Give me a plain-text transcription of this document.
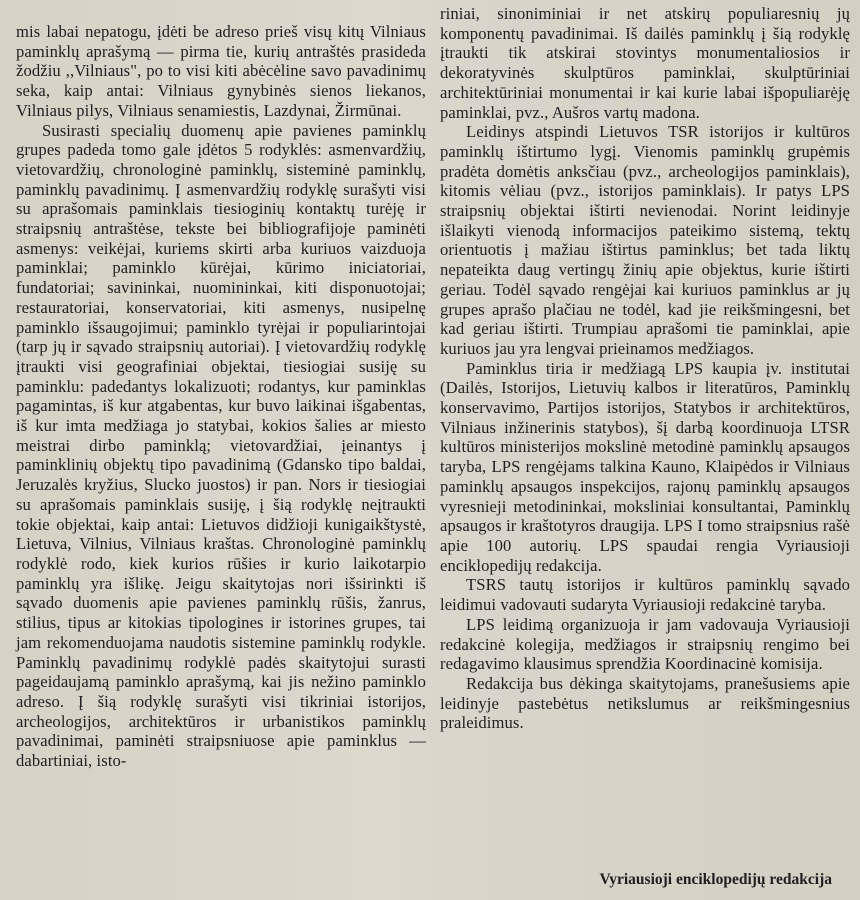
mis labai nepatogu, įdėti be adreso prieš visų kitų Vilniaus paminklų aprašymą — pirma tie, kurių antraštės prasideda žodžiu ,,Vilniaus", po to visi kiti abėcėline savo pavadinimų seka, kaip antai: Vilniaus gynybinės sienos liekanos, Vilniaus pilys, Vilniaus senamiestis, Lazdynai, Žirmūnai.

Susirasti specialių duomenų apie pavienes paminklų grupes padeda tomo gale įdėtos 5 rodyklės: asmenvardžių, vietovardžių, chronologinė paminklų, sisteminė paminklų, paminklų pavadinimų. Į asmenvardžių rodyklę surašyti visi su aprašomais paminklais tiesioginių kontaktų turėję ir straipsnių antraštėse, tekste bei bibliografijoje paminėti asmenys: veikėjai, kuriems skirti arba kuriuos vaizduoja paminklai; paminklo kūrėjai, kūrimo iniciatoriai, fundatoriai; savininkai, nuomininkai, kiti disponuotojai; restauratoriai, konservatoriai, kiti asmenys, nusipelnę paminklo išsaugojimui; paminklo tyrėjai ir populiarintojai (tarp jų ir sąvado straipsnių autoriai). Į vietovardžių rodyklę įtraukti visi geografiniai objektai, tiesiogiai susiję su paminklu: padedantys lokalizuoti; rodantys, kur paminklas pagamintas, iš kur atgabentas, kur buvo laikinai išgabentas, iš kur imta medžiaga jo statybai, kokios šalies ar miesto meistrai dirbo paminklą; vietovardžiai, įeinantys į paminklinių objektų tipo pavadinimą (Gdansko tipo baldai, Jeruzalės kryžius, Slucko juostos) ir pan. Nors ir tiesiogiai su aprašomais paminklais susiję, į šią rodyklę neįtraukti tokie objektai, kaip antai: Lietuvos didžioji kunigaikštystė, Lietuva, Vilnius, Vilniaus kraštas. Chronologinė paminklų rodyklė rodo, kiek kurios rūšies ir kurio laikotarpio paminklų yra išlikę. Jeigu skaitytojas nori išsirinkti iš sąvado duomenis apie pavienes paminklų rūšis, žanrus, stilius, tipus ar kitokias tipologines ir istorines grupes, tai jam rekomenduojama naudotis sistemine paminklų rodykle. Paminklų pavadinimų rodyklė padės skaitytojui surasti pageidaujamą paminklo aprašymą, kai jis nežino paminklo adreso. Į šią rodyklę surašyti visi tikriniai istorijos, archeologijos, architektūros ir urbanistikos paminklų pavadinimai, paminėti straipsniuose apie paminklus — dabartiniai, isto-

riniai, sinoniminiai ir net atskirų populiaresnių jų komponentų pavadinimai. Iš dailės paminklų į šią rodyklę įtraukti tik atskirai stovintys monumentaliosios ir dekoratyvinės skulptūros paminklai, skulptūriniai architektūriniai monumentai ir kai kurie labai išpopuliarėję paminklai, pvz., Aušros vartų madona.

Leidinys atspindi Lietuvos TSR istorijos ir kultūros paminklų ištirtumo lygį. Vienomis paminklų grupėmis pradėta domėtis anksčiau (pvz., archeologijos paminklais), kitomis vėliau (pvz., istorijos paminklais). Ir patys LPS straipsnių objektai ištirti nevienodai. Norint leidinyje išlaikyti vienodą informacijos pateikimo sistemą, tektų orientuotis į mažiau ištirtus paminklus; bet tada liktų nepateikta daug vertingų žinių apie objektus, kurie ištirti geriau. Todėl sąvado rengėjai kai kuriuos paminklus ar jų grupes aprašo plačiau ne todėl, kad jie reikšmingesni, bet kad geriau ištirti. Trumpiau aprašomi tie paminklai, apie kuriuos jau yra lengvai prieinamos medžiagos.

Paminklus tiria ir medžiagą LPS kaupia įv. institutai (Dailės, Istorijos, Lietuvių kalbos ir literatūros, Paminklų konservavimo, Partijos istorijos, Statybos ir architektūros, Vilniaus inžinerinis statybos), šį darbą koordinuoja LTSR kultūros ministerijos mokslinė metodinė paminklų apsaugos taryba, LPS rengėjams talkina Kauno, Klaipėdos ir Vilniaus paminklų apsaugos inspekcijos, rajonų paminklų apsaugos vyresnieji metodininkai, moksliniai konsultantai, Paminklų apsaugos ir kraštotyros draugija. LPS I tomo straipsnius rašė apie 100 autorių. LPS spaudai rengia Vyriausioji enciklopedijų redakcija.

TSRS tautų istorijos ir kultūros paminklų sąvado leidimui vadovauti sudaryta Vyriausioji redakcinė taryba.

LPS leidimą organizuoja ir jam vadovauja Vyriausioji redakcinė kolegija, medžiagos ir straipsnių rengimo bei redagavimo klausimus sprendžia Koordinacinė komisija.

Redakcija bus dėkinga skaitytojams, pranešusiems apie leidinyje pastebėtus netikslumus ar reikšmingesnius praleidimus.

Vyriausioji enciklopedijų redakcija
